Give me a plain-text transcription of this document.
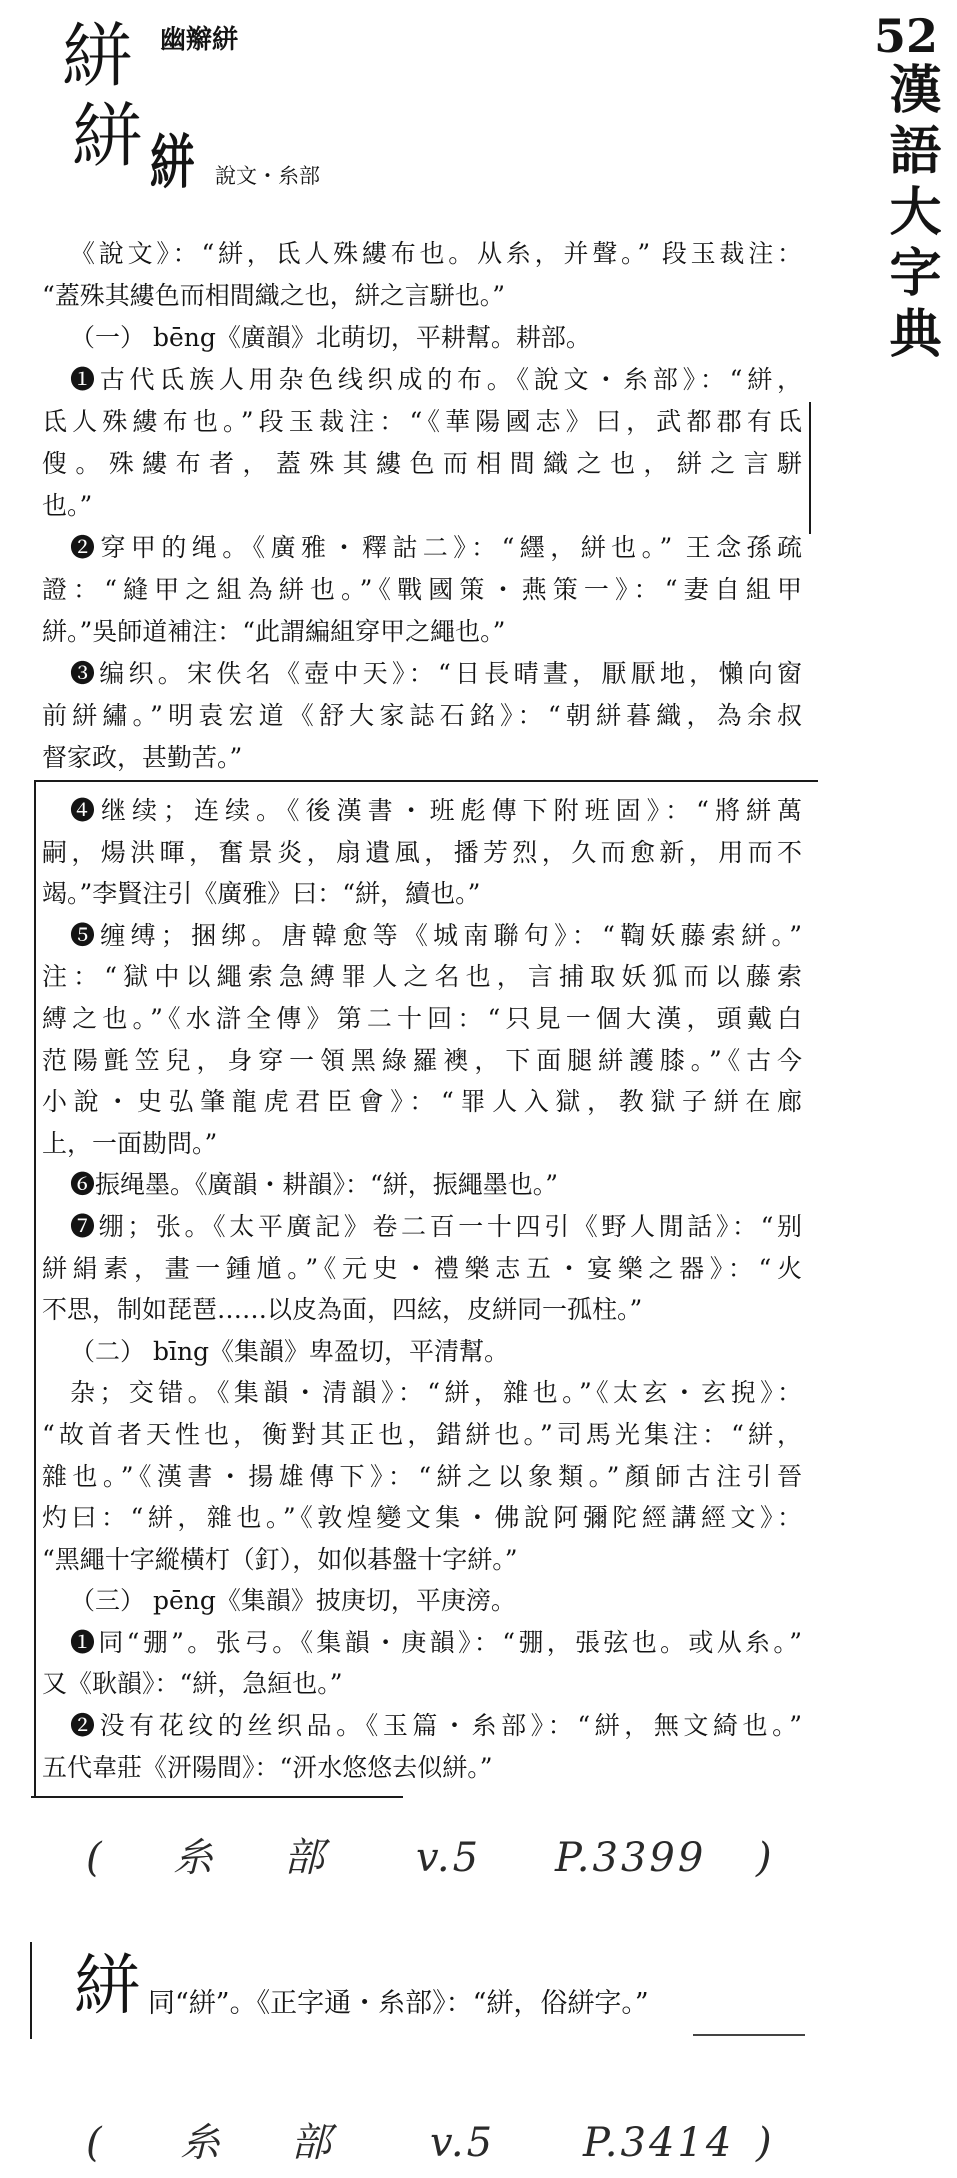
絣 幽辮絣
絣 絣 說文・糸部
52
漢語大字典
《說文》：“絣，氐人殊縷布也。从糸，并聲。” 段玉裁注：
“蓋殊其縷色而相間織之也，絣之言駢也。”
（一） bēng《廣韻》北萌切，平耕幫。耕部。
❶古代氐族人用杂色线织成的布。《說文・糸部》：“絣，
氐人殊縷布也。”段玉裁注：“《華陽國志》曰，武都郡有氐
傁。殊縷布者，蓋殊其縷色而相間織之也，絣之言駢
也。”
❷穿甲的绳。《廣雅・釋詁二》：“纆，絣也。” 王念孫疏
證：“縫甲之組為絣也。”《戰國策・燕策一》：“妻自組甲
絣。”吳師道補注：“此謂編組穿甲之繩也。”
❸编织。宋佚名《壺中天》：“日長晴晝，厭厭地，懶向窗
前絣繡。”明袁宏道《舒大家誌石銘》：“朝絣暮織，為余叔
督家政，甚勤苦。”
❹继续；连续。《後漢書・班彪傳下附班固》：“將絣萬
嗣，煬洪暉，奮景炎，扇遺風，播芳烈，久而愈新，用而不
竭。”李賢注引《廣雅》曰：“絣，續也。”
❺缠缚；捆绑。唐韓愈等《城南聯句》：“鞫妖藤索絣。”
注：“獄中以繩索急縛罪人之名也，言捕取妖狐而以藤索
縛之也。”《水滸全傳》第二十回：“只見一個大漢，頭戴白
范陽氈笠兒，身穿一領黑綠羅襖，下面腿絣護膝。”《古今
小說・史弘肇龍虎君臣會》：“罪人入獄，教獄子絣在廊
上，一面勘問。”
❻振绳墨。《廣韻・耕韻》：“絣，振繩墨也。”
❼绷；张。《太平廣記》卷二百一十四引《野人閒話》：“别
絣絹素，畫一鍾馗。”《元史・禮樂志五・宴樂之器》：“火
不思，制如琵琶……以皮為面，四絃，皮絣同一孤柱。”
（二） bīng《集韻》卑盈切，平清幫。
杂；交错。《集韻・清韻》：“絣，雜也。”《太玄・玄掜》：
“故首者天性也，衡對其正也，錯絣也。”司馬光集注：“絣，
雜也。”《漢書・揚雄傳下》：“絣之以象類。”顏師古注引晉
灼曰：“絣，雜也。”《敦煌變文集・佛說阿彌陀經講經文》：
“黑繩十字縱橫朾（釘），如似碁盤十字絣。”
（三） pēng《集韻》披庚切，平庚滂。
❶同“弸”。张弓。《集韻・庚韻》：“弸，張弦也。或从糸。”
又《耿韻》：“絣，急絙也。”
❷没有花纹的丝织品。《玉篇・糸部》：“絣，無文綺也。”
五代韋莊《汧陽間》：“汧水悠悠去似絣。”
( 糸 部 v.5 P.3399 )
絣 同“絣”。《正字通・糸部》：“絣，俗絣字。”
( 糸 部 v.5 P.3414 )
